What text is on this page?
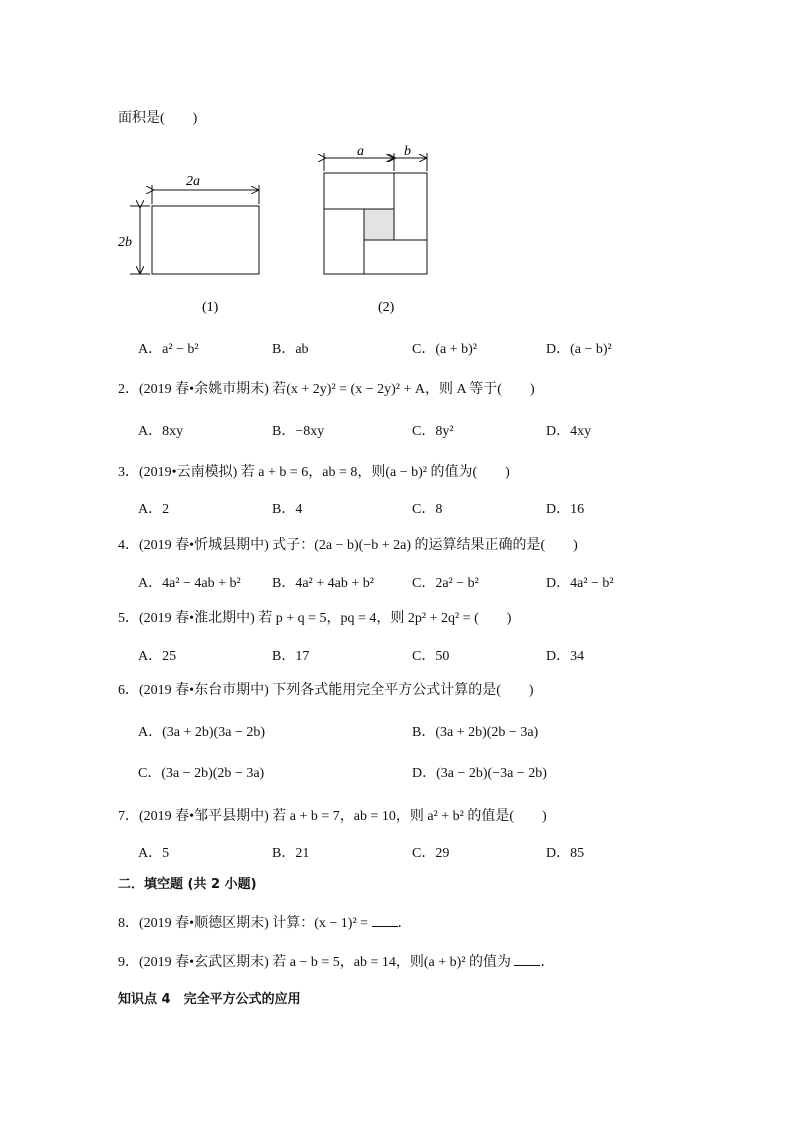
面积是(　　)
2a
2b
(1)
a	b
(2)
A．a² − b²	B．ab	C．(a + b)²	D．(a − b)²
2．(2019 春•余姚市期末) 若(x + 2y)² = (x − 2y)² + A，则 A 等于(　　)
A．8xy	B．−8xy	C．8y²	D．4xy
3．(2019•云南模拟) 若 a + b = 6，ab = 8，则(a − b)² 的值为(　　)
A．2	B．4	C．8	D．16
4．(2019 春•忻城县期中) 式子：(2a − b)(−b + 2a) 的运算结果正确的是(　　)
A．4a² − 4ab + b² B．4a² + 4ab + b²	C．2a² − b²	D．4a² − b²
5．(2019 春•淮北期中) 若 p + q = 5，pq = 4，则 2p² + 2q² = (　　)
A．25	B．17	C．50	D．34
6．(2019 春•东台市期中) 下列各式能用完全平方公式计算的是(　　)
A．(3a + 2b)(3a − 2b)	B．(3a + 2b)(2b − 3a)
C．(3a − 2b)(2b − 3a)	D．(3a − 2b)(−3a − 2b)
7．(2019 春•邹平县期中) 若 a + b = 7，ab = 10，则 a² + b² 的值是(　　)
A．5	B．21	C．29	D．85
二．填空题 (共 2 小题)
8．(2019 春•顺德区期末) 计算：(x − 1)² = ．
9．(2019 春•玄武区期末) 若 a − b = 5，ab = 14，则(a + b)² 的值为 ．
知识点 4　完全平方公式的应用
